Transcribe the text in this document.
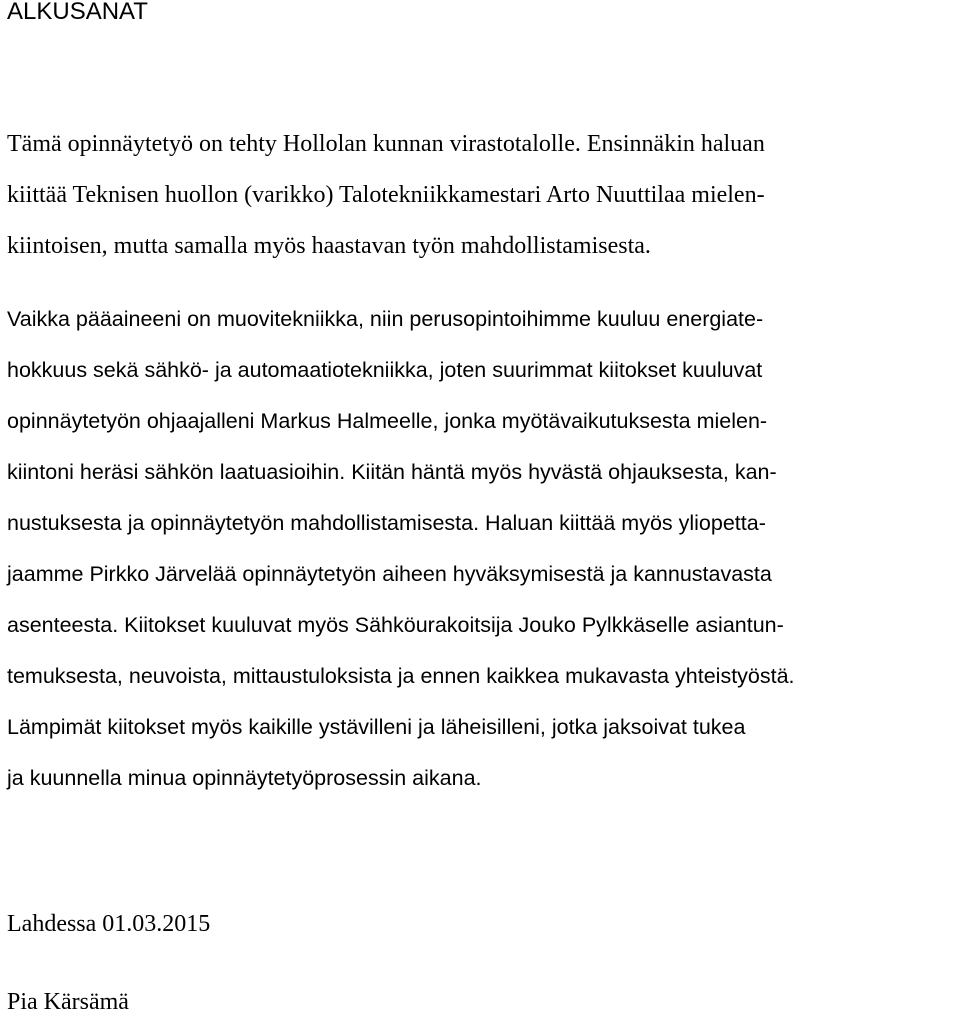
ALKUSANAT

Tämä opinnäytetyö on tehty Hollolan kunnan virastotalolle. Ensinnäkin haluan
kiittää Teknisen huollon (varikko) Talotekniikkamestari Arto Nuuttilaa mielen-
kiintoisen, mutta samalla myös haastavan työn mahdollistamisesta.

Vaikka pääaineeni on muovitekniikka, niin perusopintoihimme kuuluu energiate-
hokkuus sekä sähkö- ja automaatiotekniikka, joten suurimmat kiitokset kuuluvat
opinnäytetyön ohjaajalleni Markus Halmeelle, jonka myötävaikutuksesta mielen-
kiintoni heräsi sähkön laatuasioihin. Kiitän häntä myös hyvästä ohjauksesta, kan-
nustuksesta ja opinnäytetyön mahdollistamisesta. Haluan kiittää myös yliopetta-
jaamme Pirkko Järvelää opinnäytetyön aiheen hyväksymisestä ja kannustavasta
asenteesta. Kiitokset kuuluvat myös Sähköurakoitsija Jouko Pylkkäselle asiantun-
temuksesta, neuvoista, mittaustuloksista ja ennen kaikkea mukavasta yhteistyöstä.
Lämpimät kiitokset myös kaikille ystävilleni ja läheisilleni, jotka jaksoivat tukea
ja kuunnella minua opinnäytetyöprosessin aikana.

Lahdessa 01.03.2015

Pia Kärsämä
